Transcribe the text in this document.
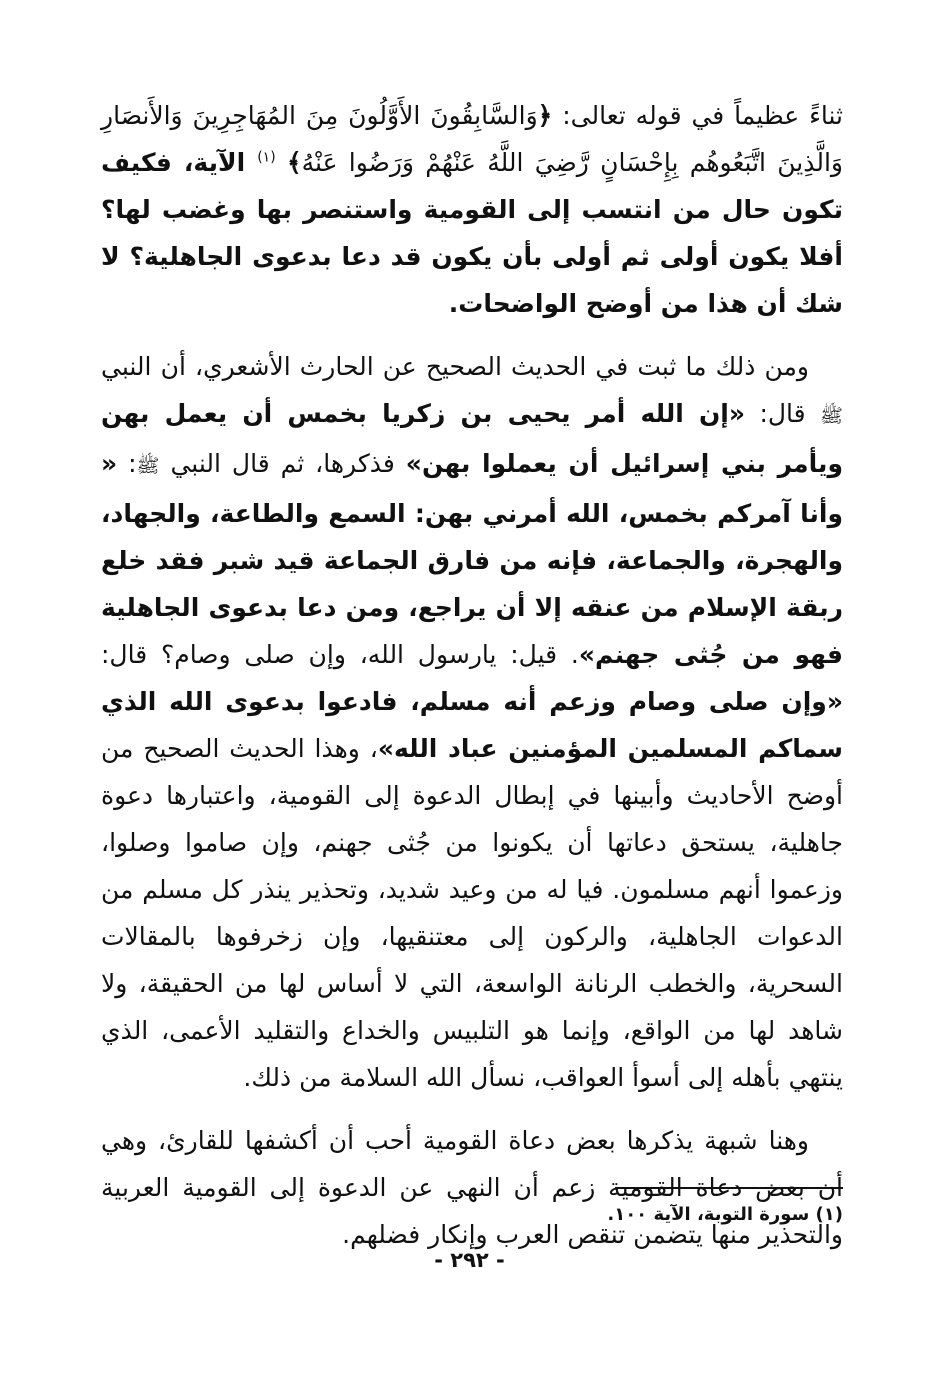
ثناءً عظيماً في قوله تعالى: ﴿وَالسَّابِقُونَ الأَوَّلُونَ مِنَ المُهَاجِرِينَ وَالأَنصَارِ وَالَّذِينَ اتَّبَعُوهُم بِإِحْسَانٍ رَّضِيَ اللَّهُ عَنْهُمْ وَرَضُوا عَنْهُ﴾ $^{(١)}$ الآية، فكيف تكون حال من انتسب إلى القومية واستنصر بها وغضب لها؟ أفلا يكون أولى ثم أولى بأن يكون قد دعا بدعوى الجاهلية؟ لا شك أن هذا من أوضح الواضحات.

ومن ذلك ما ثبت في الحديث الصحيح عن الحارث الأشعري، أن النبي ﷺ قال: «إن الله أمر يحيى بن زكريا بخمس أن يعمل بهن ويأمر بني إسرائيل أن يعملوا بهن» فذكرها، ثم قال النبي ﷺ: « وأنا آمركم بخمس، الله أمرني بهن: السمع والطاعة، والجهاد، والهجرة، والجماعة، فإنه من فارق الجماعة قيد شبر فقد خلع ربقة الإسلام من عنقه إلا أن يراجع، ومن دعا بدعوى الجاهلية فهو من جُثى جهنم». قيل: يارسول الله، وإن صلى وصام؟ قال: «وإن صلى وصام وزعم أنه مسلم، فادعوا بدعوى الله الذي سماكم المسلمين المؤمنين عباد الله»، وهذا الحديث الصحيح من أوضح الأحاديث وأبينها في إبطال الدعوة إلى القومية، واعتبارها دعوة جاهلية، يستحق دعاتها أن يكونوا من جُثى جهنم، وإن صاموا وصلوا، وزعموا أنهم مسلمون. فيا له من وعيد شديد، وتحذير ينذر كل مسلم من الدعوات الجاهلية، والركون إلى معتنقيها، وإن زخرفوها بالمقالات السحرية، والخطب الرنانة الواسعة، التي لا أساس لها من الحقيقة، ولا شاهد لها من الواقع، وإنما هو التلبيس والخداع والتقليد الأعمى، الذي ينتهي بأهله إلى أسوأ العواقب، نسأل الله السلامة من ذلك.

وهنا شبهة يذكرها بعض دعاة القومية أحب أن أكشفها للقارئ، وهي أن بعض دعاة القومية زعم أن النهي عن الدعوة إلى القومية العربية والتحذير منها يتضمن تنقص العرب وإنكار فضلهم.

(١) سورة التوبة، الآية ١٠٠.
- ٢٩٢ -
